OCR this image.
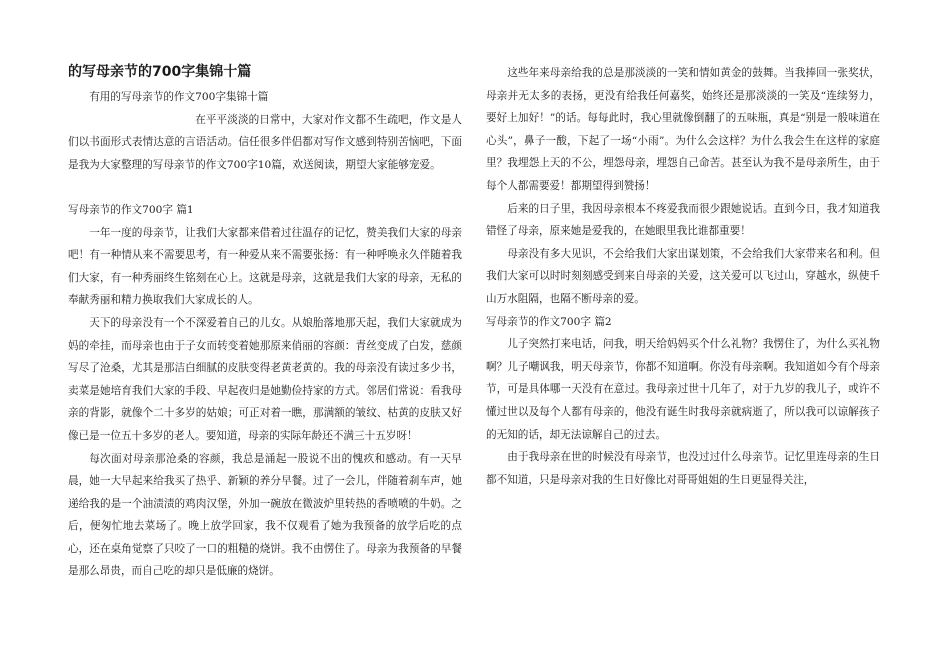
的写母亲节的700字集锦十篇

有用的写母亲节的作文700字集锦十篇

在平平淡淡的日常中，大家对作文都不生疏吧，作文是人们以书面形式表情达意的言语活动。信任很多伴侣都对写作文感到特别苦恼吧，下面是我为大家整理的写母亲节的作文700字10篇，欢送阅读，期望大家能够宠爱。

写母亲节的作文700字 篇1

一年一度的母亲节，让我们大家都来借着过往温存的记忆，赞美我们大家的母亲吧！有一种情从来不需要思考，有一种爱从来不需要张扬：有一种呼唤永久伴随着我们大家，有一种秀丽终生铭刻在心上。这就是母亲，这就是我们大家的母亲，无私的奉献秀丽和精力换取我们大家成长的人。

天下的母亲没有一个不深爱着自己的儿女。从娘胎落地那天起，我们大家就成为妈的牵挂，而母亲也由于子女而转变着她那原来俏丽的容颜：青丝变成了白发，慈颜写尽了沧桑，尤其是那洁白细腻的皮肤变得老黄老黄的。我的母亲没有读过多少书，卖菜是她培育我们大家的手段、早起夜归是她勤俭持家的方式。邻居们常说：看我母亲的背影，就像个二十多岁的姑娘；可正对着一瞧，那满额的皱纹、枯黄的皮肤又好像已是一位五十多岁的老人。要知道，母亲的实际年龄还不满三十五岁呀！

每次面对母亲那沧桑的容颜，我总是涌起一股说不出的愧疚和感动。有一天早晨，她一大早起来给我买了热乎、新颖的养分早餐。过了一会儿，伴随着刹车声，她递给我的是一个油渍渍的鸡肉汉堡，外加一碗放在微波炉里转热的香喷喷的牛奶。之后，便匆忙地去菜场了。晚上放学回家，我不仅观看了她为我预备的放学后吃的点心，还在桌角觉察了只咬了一口的粗糙的烧饼。我不由愣住了。母亲为我预备的早餐是那么昂贵，而自己吃的却只是低廉的烧饼。

这些年来母亲给我的总是那淡淡的一笑和情如黄金的鼓舞。当我捧回一张奖状，母亲并无太多的表扬，更没有给我任何嘉奖，始终还是那淡淡的一笑及“连续努力，要好上加好！”的话。每每此时，我心里就像倒翻了的五味瓶，真是“别是一般味道在心头”，鼻子一酸，下起了一场“小雨”。为什么会这样？为什么我会生在这样的家庭里？我埋怨上天的不公，埋怨母亲，埋怨自己命苦。甚至认为我不是母亲所生，由于每个人都需要爱！都期望得到赞扬！

后来的日子里，我因母亲根本不疼爱我而很少跟她说话。直到今日，我才知道我错怪了母亲，原来她是爱我的，在她眼里我比谁都重要！

母亲没有多大见识，不会给我们大家出谋划策，不会给我们大家带来名和利。但我们大家可以时时刻刻感受到来自母亲的关爱，这关爱可以飞过山，穿越水，纵使千山万水阻隔，也隔不断母亲的爱。

写母亲节的作文700字 篇2

儿子突然打来电话，问我，明天给妈妈买个什么礼物？我愣住了，为什么买礼物啊？儿子嘲讽我，明天母亲节，你都不知道啊。你没有母亲啊。我知道如今有个母亲节，可是具体哪一天没有在意过。我母亲过世十几年了，对于九岁的我儿子，或许不懂过世以及每个人都有母亲的，他没有诞生时我母亲就病逝了，所以我可以谅解孩子的无知的话，却无法谅解自己的过去。

由于我母亲在世的时候没有母亲节，也没过过什么母亲节。记忆里连母亲的生日都不知道，只是母亲对我的生日好像比对哥哥姐姐的生日更显得关注，
